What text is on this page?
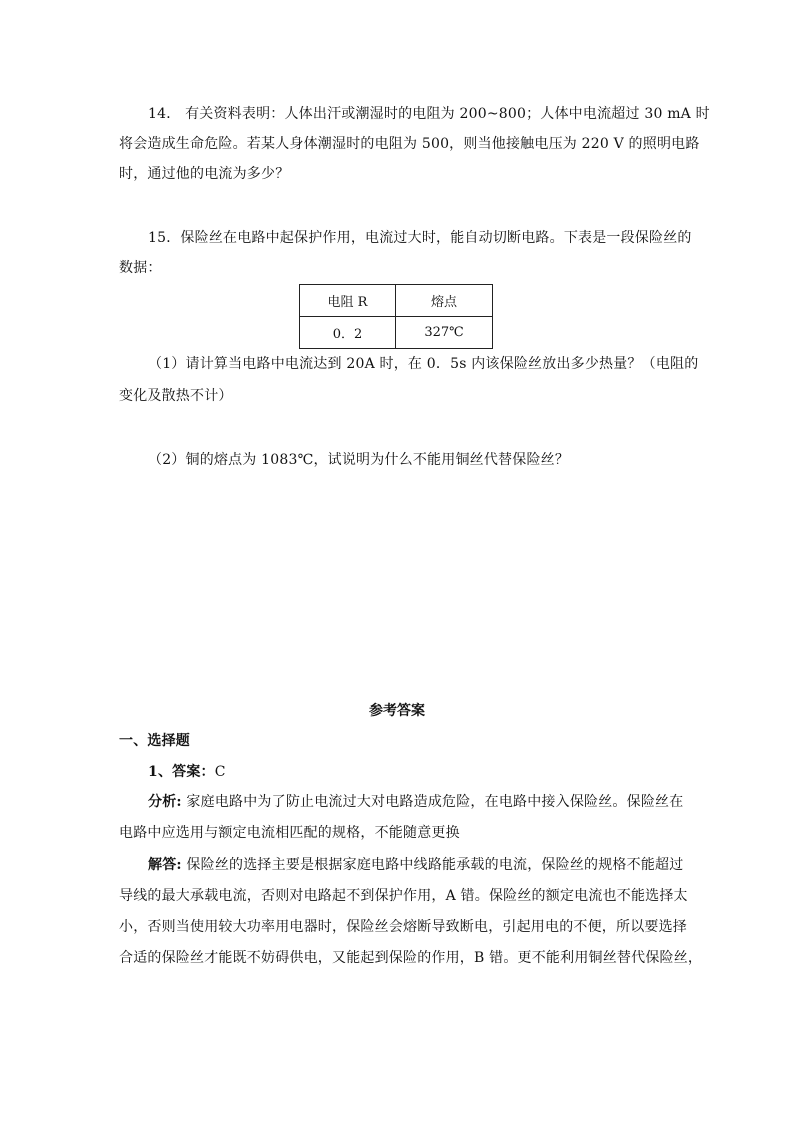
14． 有关资料表明：人体出汗或潮湿时的电阻为 200~800；人体中电流超过 30 mA 时
将会造成生命危险。若某人身体潮湿时的电阻为 500，则当他接触电压为 220 V 的照明电路
时，通过他的电流为多少？
15．保险丝在电路中起保护作用，电流过大时，能自动切断电路。下表是一段保险丝的
数据：
电阻 R	熔点
0．2	327℃
（1）请计算当电路中电流达到 20A 时，在 0．5s 内该保险丝放出多少热量？（电阻的
变化及散热不计）
（2）铜的熔点为 1083℃，试说明为什么不能用铜丝代替保险丝？
参考答案
一、选择题
1、答案：C
分析: 家庭电路中为了防止电流过大对电路造成危险，在电路中接入保险丝。保险丝在
电路中应选用与额定电流相匹配的规格，不能随意更换
解答: 保险丝的选择主要是根据家庭电路中线路能承载的电流，保险丝的规格不能超过
导线的最大承载电流，否则对电路起不到保护作用，A 错。保险丝的额定电流也不能选择太
小，否则当使用较大功率用电器时，保险丝会熔断导致断电，引起用电的不便，所以要选择
合适的保险丝才能既不妨碍供电，又能起到保险的作用，B 错。更不能利用铜丝替代保险丝，
